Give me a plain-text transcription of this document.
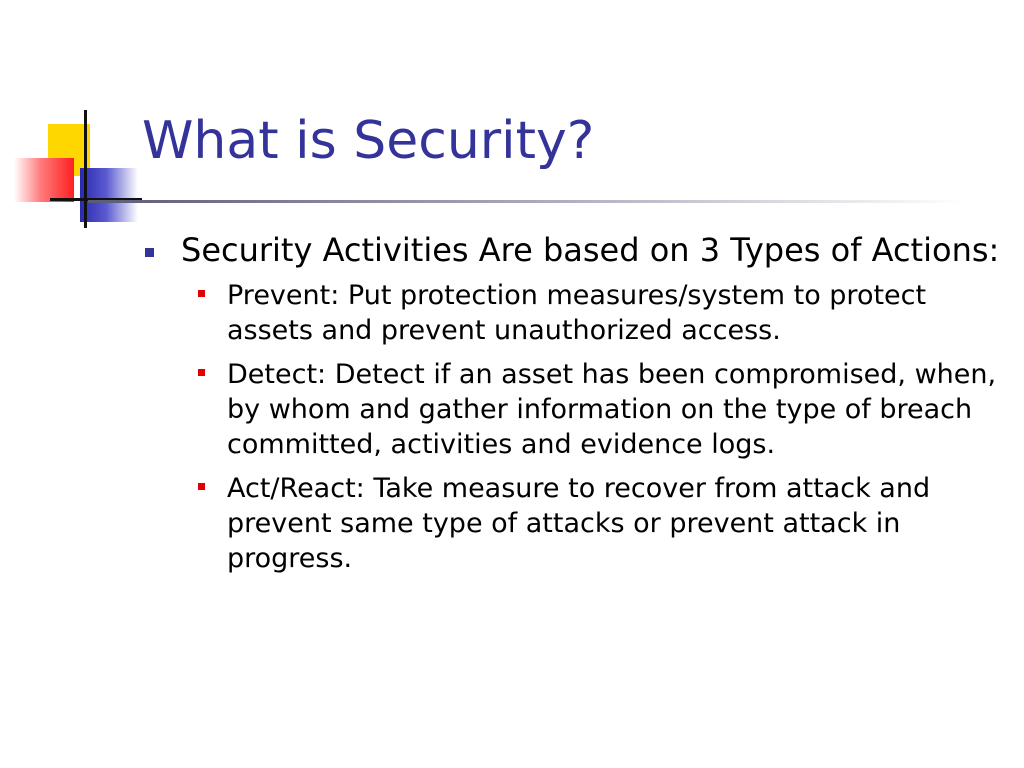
What is Security?
Security Activities Are based on 3 Types of Actions:
Prevent: Put protection measures/system to protect assets and prevent unauthorized access.
Detect: Detect if an asset has been compromised, when, by whom and gather information on the type of breach committed, activities and evidence logs.
Act/React: Take measure to recover from attack and prevent same type of attacks or prevent attack in progress.
